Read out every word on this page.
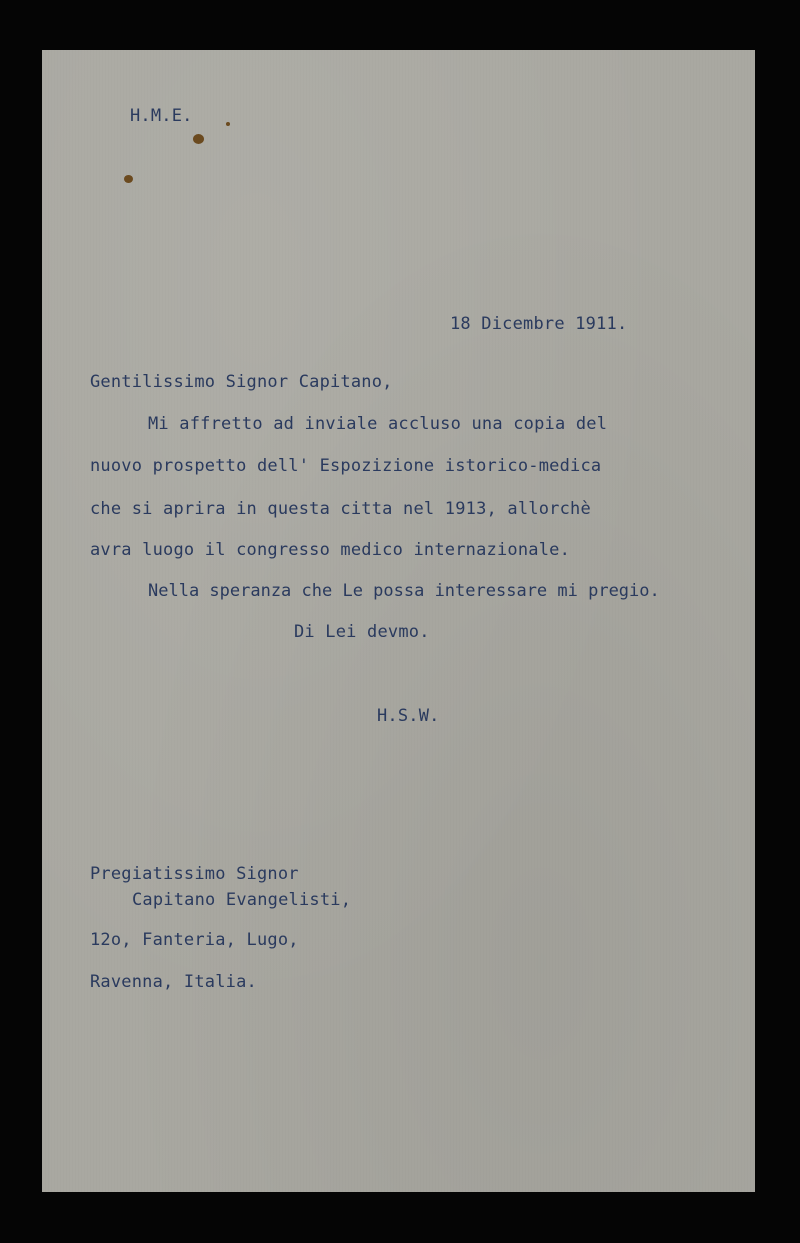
H.M.E.
18 Dicembre 1911.
Gentilissimo Signor Capitano,
Mi affretto ad inviale accluso una copia del
nuovo prospetto dell' Espozizione istorico-medica
che si aprira in questa citta nel 1913, allorchè
avra luogo il congresso medico internazionale.
Nella speranza che Le possa interessare mi pregio.
Di Lei devmo.
H.S.W.
Pregiatissimo Signor
Capitano Evangelisti,
12o, Fanteria, Lugo,
Ravenna, Italia.
